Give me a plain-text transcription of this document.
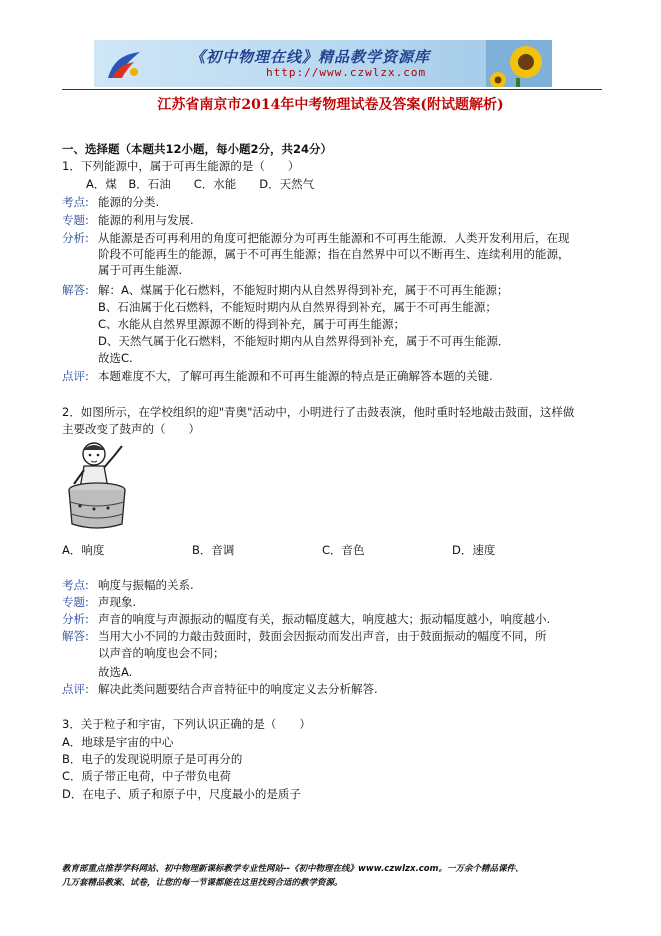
《初中物理在线》精品教学资源库
http://www.czwlzx.com
江苏省南京市2014年中考物理试卷及答案(附试题解析)
一、选择题（本题共12小题，每小题2分，共24分）
1．下列能源中，属于可再生能源的是（　　）
A．煤　B．石油　　C．水能　　D．天然气
考点: 能源的分类.
专题: 能源的利用与发展.
分析: 从能源是否可再利用的角度可把能源分为可再生能源和不可再生能源．人类开发利用后，在现
阶段不可能再生的能源，属于不可再生能源；指在自然界中可以不断再生、连续利用的能源，
属于可再生能源.
解答: 解：A、煤属于化石燃料，不能短时期内从自然界得到补充，属于不可再生能源；
B、石油属于化石燃料，不能短时期内从自然界得到补充，属于不可再生能源；
C、水能从自然界里源源不断的得到补充，属于可再生能源；
D、天然气属于化石燃料，不能短时期内从自然界得到补充，属于不可再生能源．
故选C.
点评: 本题难度不大，了解可再生能源和不可再生能源的特点是正确解答本题的关键.
2．如图所示，在学校组织的迎"青奥"活动中，小明进行了击鼓表演，他时重时轻地敲击鼓面，这样做
主要改变了鼓声的（　　）
A．响度	B．音调	C．音色	D．速度
考点: 响度与振幅的关系.
专题: 声现象.
分析: 声音的响度与声源振动的幅度有关，振动幅度越大，响度越大；振动幅度越小，响度越小.
解答: 当用大小不同的力敲击鼓面时，鼓面会因振动而发出声音，由于鼓面振动的幅度不同，所
以声音的响度也会不同；
故选A.
点评: 解决此类问题要结合声音特征中的响度定义去分析解答.
3．关于粒子和宇宙，下列认识正确的是（　　）
A．地球是宇宙的中心
B．电子的发现说明原子是可再分的
C．质子带正电荷，中子带负电荷
D．在电子、质子和原子中，尺度最小的是质子
教育部重点推荐学科网站、初中物理新课标教学专业性网站--《初中物理在线》www.czwlzx.com。一万余个精品课件、
几万套精品教案、试卷，让您的每一节课都能在这里找到合适的教学资源。
